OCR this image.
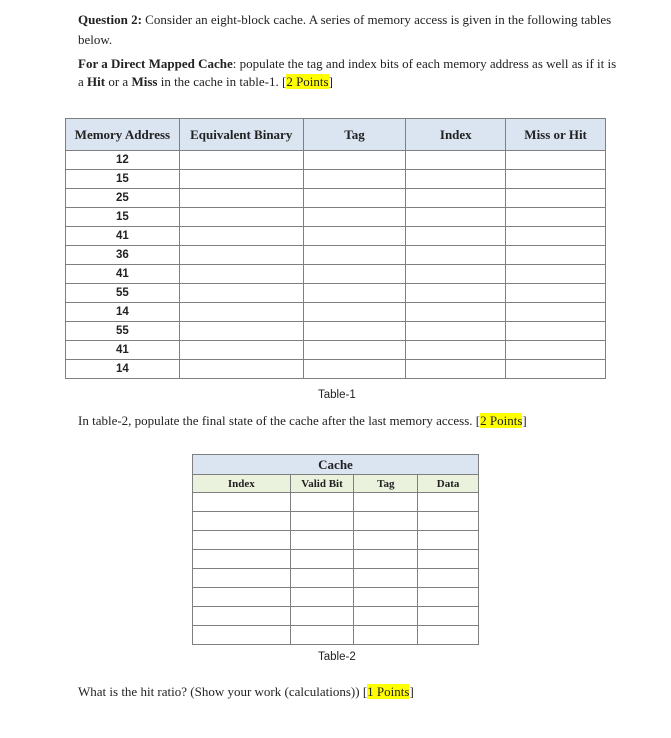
Question 2: Consider an eight-block cache. A series of memory access is given in the following tables below.
For a Direct Mapped Cache: populate the tag and index bits of each memory address as well as if it is a Hit or a Miss in the cache in table-1. [2 Points]
Memory Address	Equivalent Binary	Tag	Index	Miss or Hit
12				
15				
25				
15				
41				
36				
41				
55				
14				
55				
41				
14				
Table-1
In table-2, populate the final state of the cache after the last memory access. [2 Points]
Cache			
Index	Valid Bit	Tag	Data

Table-2
What is the hit ratio? (Show your work (calculations)) [1 Points]
